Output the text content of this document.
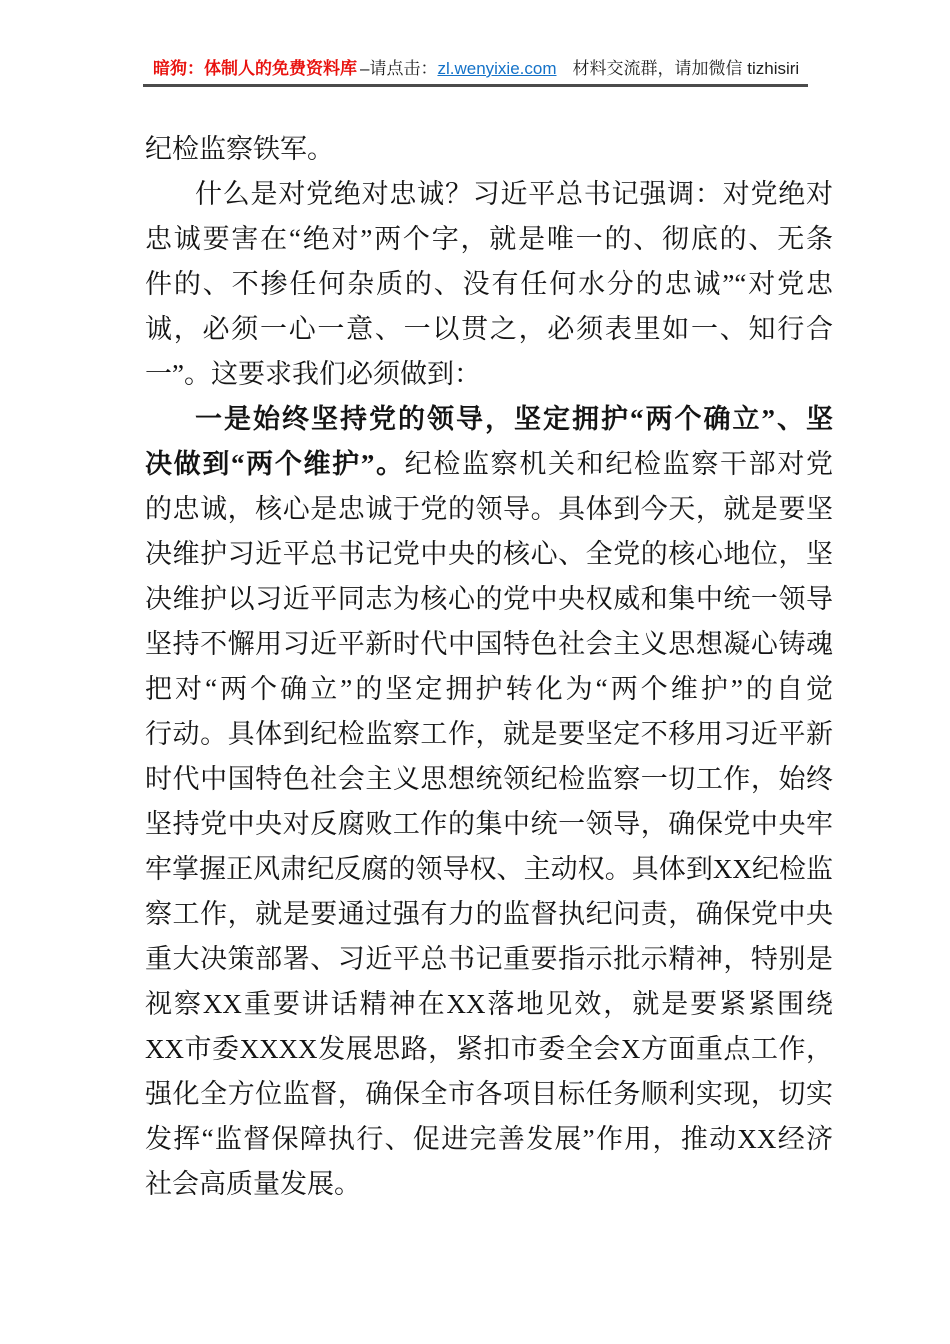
暗狗：体制人的免费资料库 –请点击： zl.wenyixie.com 材料交流群，请加微信 tizhisiri
纪检监察铁军。
什么是对党绝对忠诚？习近平总书记强调：对党绝对
忠诚要害在“绝对”两个字，就是唯一的、彻底的、无条
件的、不掺任何杂质的、没有任何水分的忠诚”“对党忠
诚，必须一心一意、一以贯之，必须表里如一、知行合
一”。这要求我们必须做到：
一是始终坚持党的领导，坚定拥护“两个确立”、坚
决做到“两个维护”。纪检监察机关和纪检监察干部对党
的忠诚，核心是忠诚于党的领导。具体到今天，就是要坚
决维护习近平总书记党中央的核心、全党的核心地位，坚
决维护以习近平同志为核心的党中央权威和集中统一领导
坚持不懈用习近平新时代中国特色社会主义思想凝心铸魂
把对“两个确立”的坚定拥护转化为“两个维护”的自觉
行动。具体到纪检监察工作，就是要坚定不移用习近平新
时代中国特色社会主义思想统领纪检监察一切工作，始终
坚持党中央对反腐败工作的集中统一领导，确保党中央牢
牢掌握正风肃纪反腐的领导权、主动权。具体到XX纪检监
察工作，就是要通过强有力的监督执纪问责，确保党中央
重大决策部署、习近平总书记重要指示批示精神，特别是
视察XX重要讲话精神在XX落地见效，就是要紧紧围绕
XX市委XXXX发展思路，紧扣市委全会X方面重点工作，
强化全方位监督，确保全市各项目标任务顺利实现，切实
发挥“监督保障执行、促进完善发展”作用，推动XX经济
社会高质量发展。
